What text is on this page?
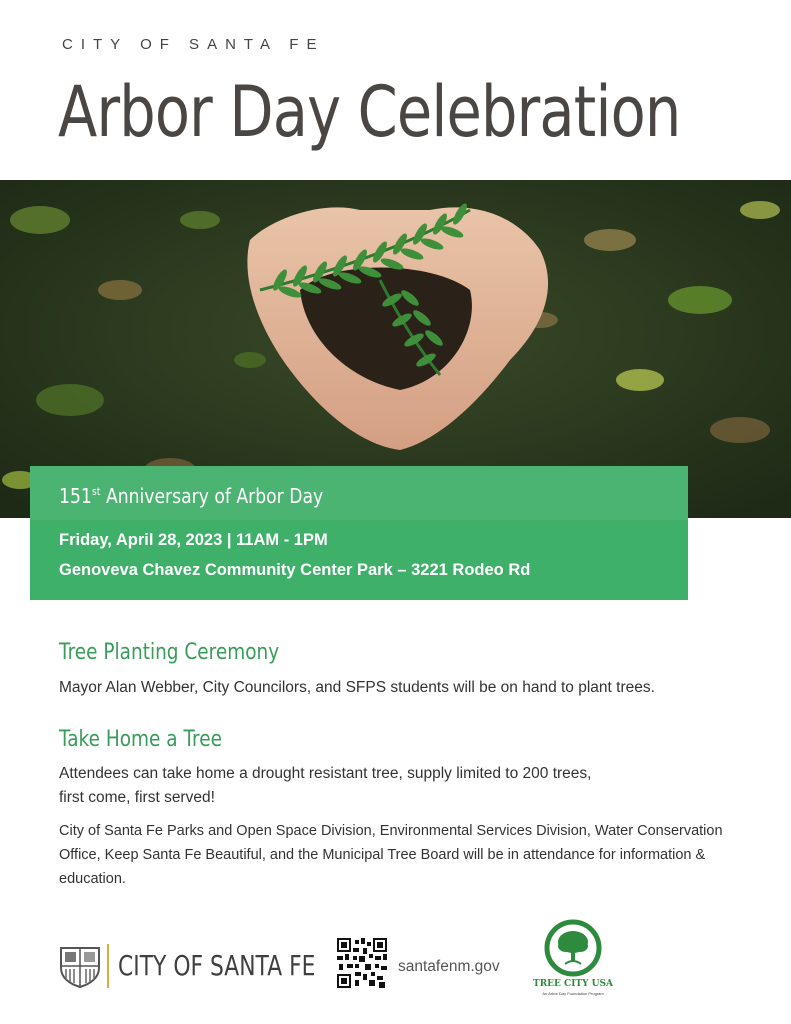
CITY OF SANTA FE
Arbor Day Celebration
151st Anniversary of Arbor Day
Friday, April 28, 2023 | 11AM - 1PM
Genoveva Chavez Community Center Park – 3221 Rodeo Rd
Tree Planting Ceremony
Mayor Alan Webber, City Councilors, and SFPS students will be on hand to plant trees.
Take Home a Tree
Attendees can take home a drought resistant tree, supply limited to 200 trees,
first come, first served!
City of Santa Fe Parks and Open Space Division, Environmental Services Division, Water Conservation Office, Keep Santa Fe Beautiful, and the Municipal Tree Board will be in attendance for information & education.
CITY OF SANTA FE	santafenm.gov
TREE CITY USA
An Arbor Day Foundation Program
